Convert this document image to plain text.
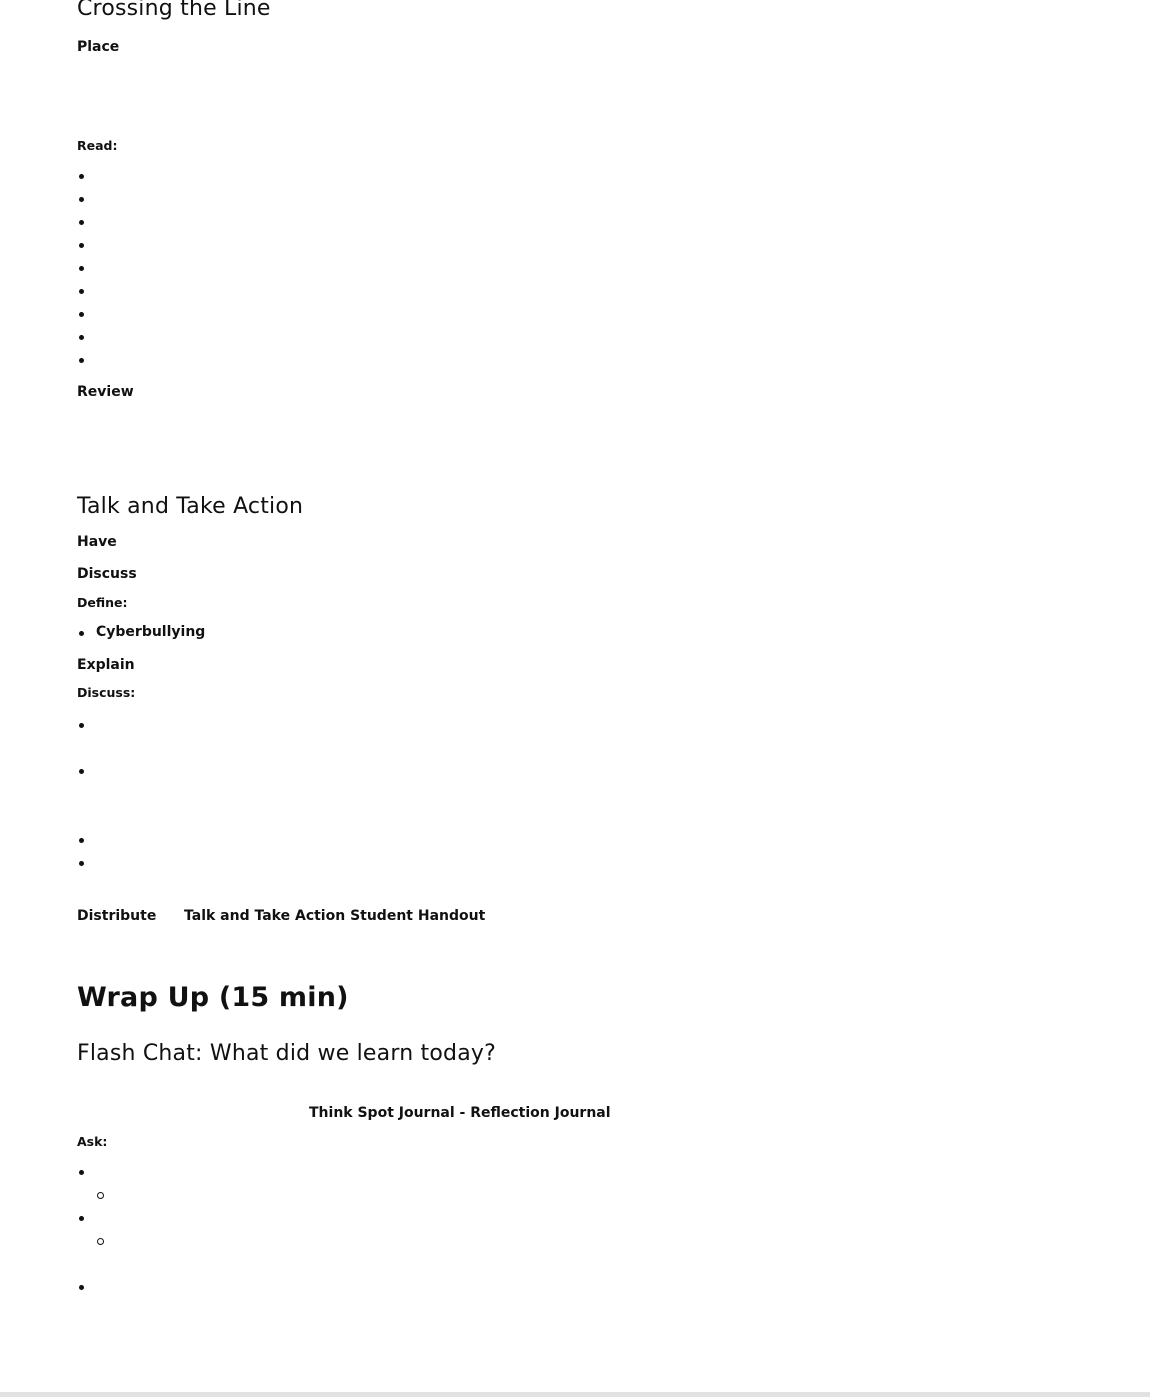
Crossing the Line
Place
Read:
Review
Talk and Take Action
Have
Discuss
Define:
Cyberbullying
Explain
Discuss:
Distribute Talk and Take Action Student Handout
Wrap Up (15 min)
Flash Chat: What did we learn today?
Think Spot Journal - Reflection Journal
Ask:
